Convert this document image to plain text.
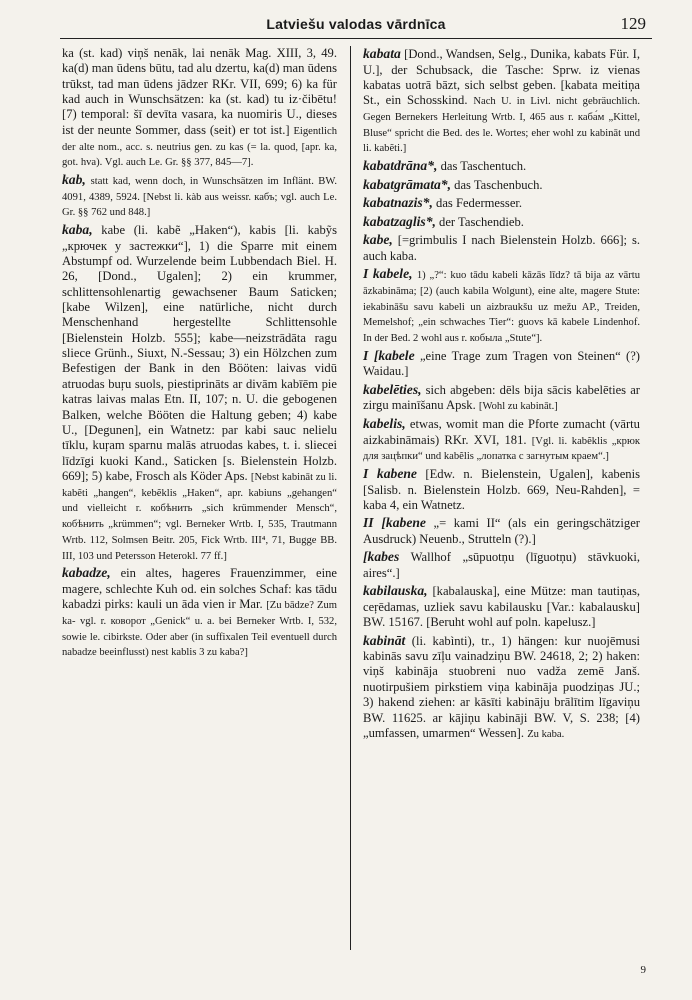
Latviešu valodas vārdnīca	129
ka (st. kad) viņš nenāk, lai nenāk Mag. XIII, 3, 49. ka(d) man ūdens būtu, tad alu dzertu, ka(d) man ūdens trūkst, tad man ūdens jādzer RKr. VII, 699; 6) ka für kad auch in Wunschsätzen: ka (st. kad) tu iz·čibētu! [7) temporal: šī devīta vasara, ka nuomiris U., dieses ist der neunte Sommer, dass (seit) er tot ist.] Eigentlich der alte nom., acc. s. neutrius gen. zu kas (= la. quod, [apr. ka, got. hva). Vgl. auch Le. Gr. §§ 377, 845—7].
kab, statt kad, wenn doch, in Wunschsätzen im Inflänt. BW. 4091, 4389, 5924. [Nebst li. kàb aus weissr. кабъ; vgl. auch Le. Gr. §§ 762 und 848.]
kaba, kabe (li. kabẽ „Haken“), kabis [li. kabỹs „крючек у застежки“], 1) die Sparre mit einem Abstumpf od. Wurzelende beim Lubbendach Biel. H. 26, [Dond., Ugalen]; 2) ein krummer, schlittensohlenartig gewachsener Baum Saticken; [kabe Wilzen], eine natürliche, nicht durch Menschenhand hergestellte Schlittensohle [Bielenstein Holzb. 555]; kabe—neizstrādāta ragu sliece Grünh., Siuxt, N.-Sessau; 3) ein Hölzchen zum Befestigen der Bank in den Bööten: laivas vidū atruodas buŗu suols, piestiprināts ar divām kabīēm pie katras laivas malas Etn. II, 107; n. U. die gebogenen Balken, welche Bööten die Haltung geben; 4) kabe U., [Degunen], ein Watnetz: par kabi sauc nelielu tīklu, kuŗam sparnu malās atruodas kabes, t. i. sliecei līdzīgi kuoki Kand., Saticken [s. Bielenstein Holzb. 669]; 5) kabe, Frosch als Köder Aps. [Nebst kabināt zu li. kabẽti „hangen“, kebẽklis „Haken“, apr. kabiuns „gehangen“ und vielleicht r. кобѣнить „sich krümmender Mensch“, кобѣнить „krümmen“; vgl. Berneker Wrtb. I, 535, Trautmann Wrtb. 112, Solmsen Beitr. 205, Fick Wrtb. III⁴, 71, Bugge BB. III, 103 und Petersson Heterokl. 77 ff.]
kabadze, ein altes, hageres Frauenzimmer, eine magere, schlechte Kuh od. ein solches Schaf: kas tādu kabadzi pirks: kauli un āda vien ir Mar. [Zu bādze? Zum ka- vgl. r. коворот „Genick“ u. a. bei Berneker Wrtb. I, 532, sowie le. cibirkste. Oder aber (in suffixalen Teil eventuell durch nabadze beeinflusst) nest kablis 3 zu kaba?]
kabata [Dond., Wandsen, Selg., Dunika, kabats Für. I, U.], der Schubsack, die Tasche: Sprw. iz vienas kabatas uotrā bāzt, sich selbst geben. [kabata meitiņa St., ein Schosskind. Nach U. in Livl. nicht gebräuchlich. Gegen Bernekers Herleitung Wrtb. I, 465 aus r. каба́м „Kittel, Bluse“ spricht die Bed. des le. Wortes; eher wohl zu kabināt und li. kabẽti.]
kabatdrāna*, das Taschentuch.
kabatgrāmata*, das Taschenbuch.
kabatnazis*, das Federmesser.
kabatzaglis*, der Taschendieb.
kabe, [=grimbulis I nach Bielenstein Holzb. 666]; s. auch kaba.
I kabele, 1) „?“: kuo tādu kabeli kāzās līdz? tā bija az vārtu āzkabināma; [2) (auch kabila Wolgunt), eine alte, magere Stute: iekabināšu savu kabeli un aizbraukšu uz mežu AP., Treiden, Memelshof; „ein schwaches Tier“: guovs kā kabele Lindenhof. In der Bed. 2 wohl aus r. кобыла „Stute“].
I [kabele „eine Trage zum Tragen von Steinen“ (?) Waidau.]
kabelēties, sich abgeben: dēls bija sācis kabelēties ar zirgu mainīšanu Apsk. [Wohl zu kabināt.]
kabelis, etwas, womit man die Pforte zumacht (vārtu aizkabināmais) RKr. XVI, 181. [Vgl. li. kabẽklis „крюк для зацѣпки“ und kabẽlis „лопатка с загнутым краем“.]
I kabene [Edw. n. Bielenstein, Ugalen], kabenis [Salisb. n. Bielenstein Holzb. 669, Neu-Rahden], = kaba 4, ein Watnetz.
II [kabene „= kami II“ (als ein geringschätziger Ausdruck) Neuenb., Strutteln (?).]
[kabes Wallhof „sūpuotņu (līguotņu) stāvkuoki, aires“.]
kabilauska, [kabalauska], eine Mütze: man tautiņas, ceŗēdamas, uzliek savu kabilausku [Var.: kabalausku] BW. 15167. [Beruht wohl auf poln. kapelusz.]
kabināt (li. kabìnti), tr., 1) hängen: kur nuojēmusi kabinās savu zīļu vainadziņu BW. 24618, 2; 2) haken: viņš kabināja stuobreni nuo vadža zemē Janš. nuotirpušiem pirkstiem viņa kabināja puodziņas JU.; 3) hakend ziehen: ar kāsīti kabināju brālītim līgaviņu BW. 11625. ar kājiņu kabināji BW. V, S. 238; [4) „umfassen, umarmen“ Wessen]. Zu kaba.
9
